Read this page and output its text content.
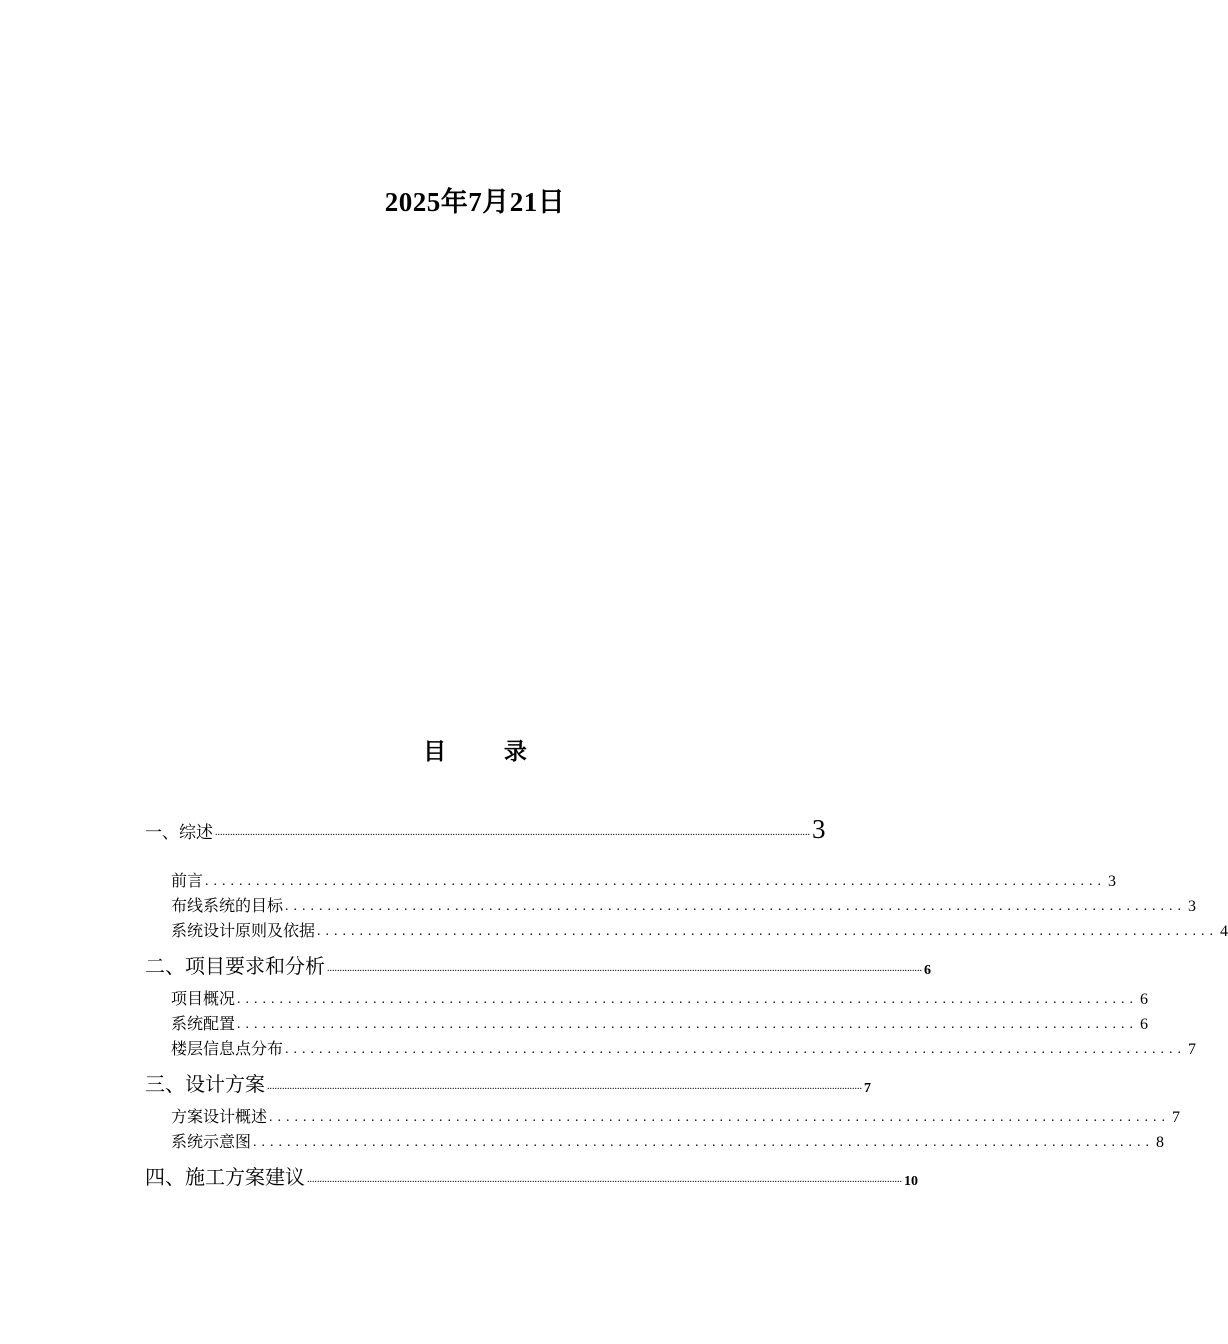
2025年7月21日
目 录
一、综述 .............................................................................................................................................................................................................................................. 3
前言 .......................................................................................................... 3
布线系统的目标 .......................................................................................................... 3
系统设计原则及依据 .......................................................................................................... 4
二、项目要求和分析 .............................................................................................................................................................................................................................................. 6
项目概况 .......................................................................................................... 6
系统配置 .......................................................................................................... 6
楼层信息点分布 .......................................................................................................... 7
三、设计方案 .............................................................................................................................................................................................................................................. 7
方案设计概述 .......................................................................................................... 7
系统示意图 .......................................................................................................... 8
四、施工方案建议 .............................................................................................................................................................................................................................................. 10
